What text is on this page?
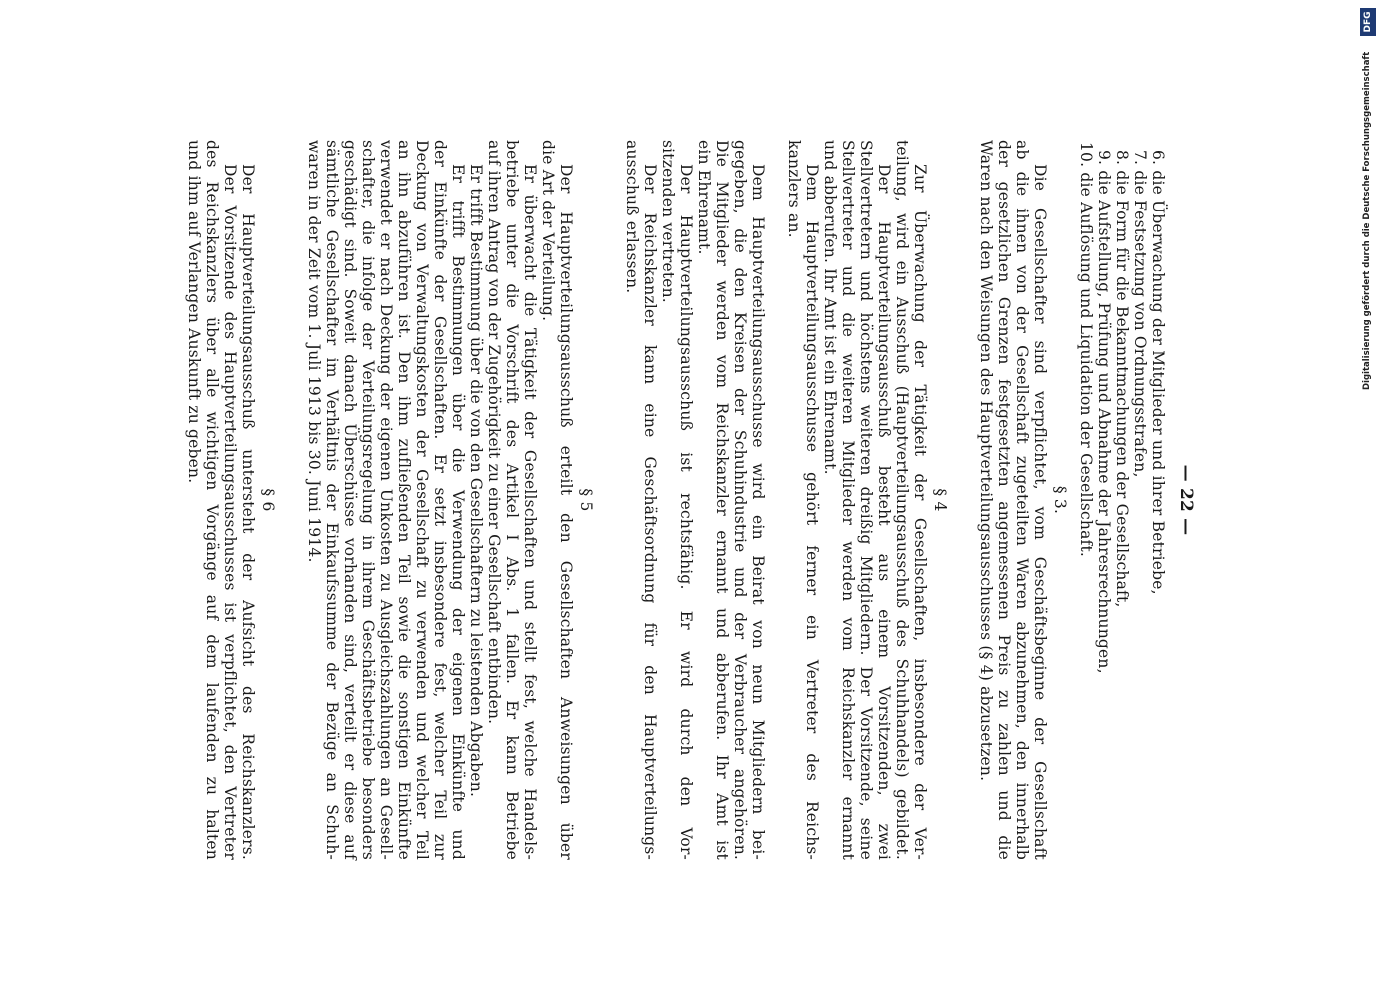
— 22 —
6. die Überwachung der Mitglieder und ihrer Betriebe,
7. die Festsetzung von Ordnungsstrafen,
8. die Form für die Bekanntmachungen der Gesellschaft,
9. die Aufstellung, Prüfung und Abnahme der Jahresrechnungen,
10. die Auflösung und Liquidation der Gesellschaft.
§ 3.
Die Gesellschafter sind verpflichtet, vom Geschäftsbeginne der Gesellschaft
ab die ihnen von der Gesellschaft zugeteilten Waren abzunehmen, den innerhalb
der gesetzlichen Grenzen festgesetzten angemessenen Preis zu zahlen und die
Waren nach den Weisungen des Hauptverteilungsausschusses (§ 4) abzusetzen.
§ 4
Zur Überwachung der Tätigkeit der Gesellschaften, insbesondere der Ver-
teilung, wird ein Ausschuß (Hauptverteilungsausschuß des Schuhhandels) gebildet.
Der Hauptverteilungsausschuß besteht aus einem Vorsitzenden, zwei
Stellvertretern und höchstens weiteren dreißig Mitgliedern. Der Vorsitzende, seine
Stellvertreter und die weiteren Mitglieder werden vom Reichskanzler ernannt
und abberufen. Ihr Amt ist ein Ehrenamt.
Dem Hauptverteilungsausschusse gehört ferner ein Vertreter des Reichs-
kanzlers an.
Dem Hauptverteilungsausschusse wird ein Beirat von neun Mitgliedern bei-
gegeben, die den Kreisen der Schuhindustrie und der Verbraucher angehören.
Die Mitglieder werden vom Reichskanzler ernannt und abberufen. Ihr Amt ist
ein Ehrenamt.
Der Hauptverteilungsausschuß ist rechtsfähig. Er wird durch den Vor-
sitzenden vertreten.
Der Reichskanzler kann eine Geschäftsordnung für den Hauptverteilungs-
ausschuß erlassen.
§ 5
Der Hauptverteilungsausschuß erteilt den Gesellschaften Anweisungen über
die Art der Verteilung.
Er überwacht die Tätigkeit der Gesellschaften und stellt fest, welche Handels-
betriebe unter die Vorschrift des Artikel I Abs. 1 fallen. Er kann Betriebe
auf ihren Antrag von der Zugehörigkeit zu einer Gesellschaft entbinden.
Er trifft Bestimmung über die von den Gesellschaftern zu leistenden Abgaben.
Er trifft Bestimmungen über die Verwendung der eigenen Einkünfte und
der Einkünfte der Gesellschaften. Er setzt insbesondere fest, welcher Teil zur
Deckung von Verwaltungskosten der Gesellschaft zu verwenden und welcher Teil
an ihn abzuführen ist. Den ihm zufließenden Teil sowie die sonstigen Einkünfte
verwendet er nach Deckung der eigenen Unkosten zu Ausgleichszahlungen an Gesell-
schafter, die infolge der Verteilungsregelung in ihrem Geschäftsbetriebe besonders
geschädigt sind. Soweit danach Überschüsse vorhanden sind, verteilt er diese auf
sämtliche Gesellschafter im Verhältnis der Einkaufssumme der Bezüge an Schuh-
waren in der Zeit vom 1. Juli 1913 bis 30. Juni 1914.
§ 6
Der Hauptverteilungsausschuß untersteht der Aufsicht des Reichskanzlers.
Der Vorsitzende des Hauptverteilungsausschusses ist verpflichtet, den Vertreter
des Reichskanzlers über alle wichtigen Vorgänge auf dem laufenden zu halten
und ihm auf Verlangen Auskunft zu geben.
DFG
Digitalisierung gefördert durch die Deutsche Forschungsgemeinschaft
